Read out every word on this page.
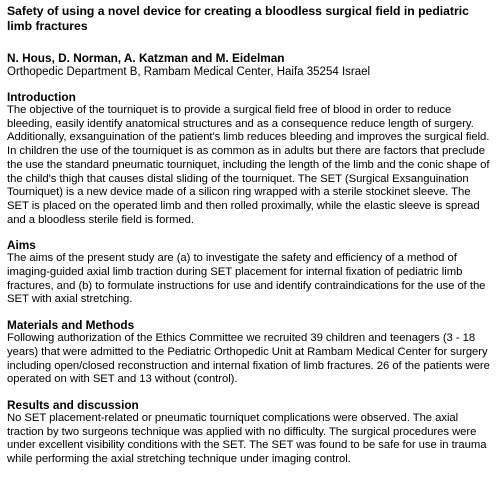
Safety of using a novel device for creating a bloodless surgical field in pediatric limb fractures
N. Hous, D. Norman, A. Katzman and M. Eidelman
Orthopedic Department B, Rambam Medical Center, Haifa 35254 Israel
Introduction
The objective of the tourniquet is to provide a surgical field free of blood in order to reduce bleeding, easily identify anatomical structures and as a consequence reduce length of surgery. Additionally, exsanguination of the patient's limb reduces bleeding and improves the surgical field. In children the use of the tourniquet is as common as in adults but there are factors that preclude the use the standard pneumatic tourniquet, including the length of the limb and the conic shape of the child's thigh that causes distal sliding of the tourniquet. The SET (Surgical Exsanguination Tourniquet) is a new device made of a silicon ring wrapped with a sterile stockinet sleeve. The SET is placed on the operated limb and then rolled proximally, while the elastic sleeve is spread and a bloodless sterile field is formed.
Aims
The aims of the present study are (a) to investigate the safety and efficiency of a method of imaging-guided axial limb traction during SET placement for internal fixation of pediatric limb fractures, and (b) to formulate instructions for use and identify contraindications for the use of the SET with axial stretching.
Materials and Methods
Following authorization of the Ethics Committee we recruited 39 children and teenagers (3 - 18 years) that were admitted to the Pediatric Orthopedic Unit at Rambam Medical Center for surgery including open/closed reconstruction and internal fixation of limb fractures. 26 of the patients were operated on with SET and 13 without (control).
Results and discussion
No SET placement-related or pneumatic tourniquet complications were observed. The axial traction by two surgeons technique was applied with no difficulty. The surgical procedures were under excellent visibility conditions with the SET. The SET was found to be safe for use in trauma while performing the axial stretching technique under imaging control.
